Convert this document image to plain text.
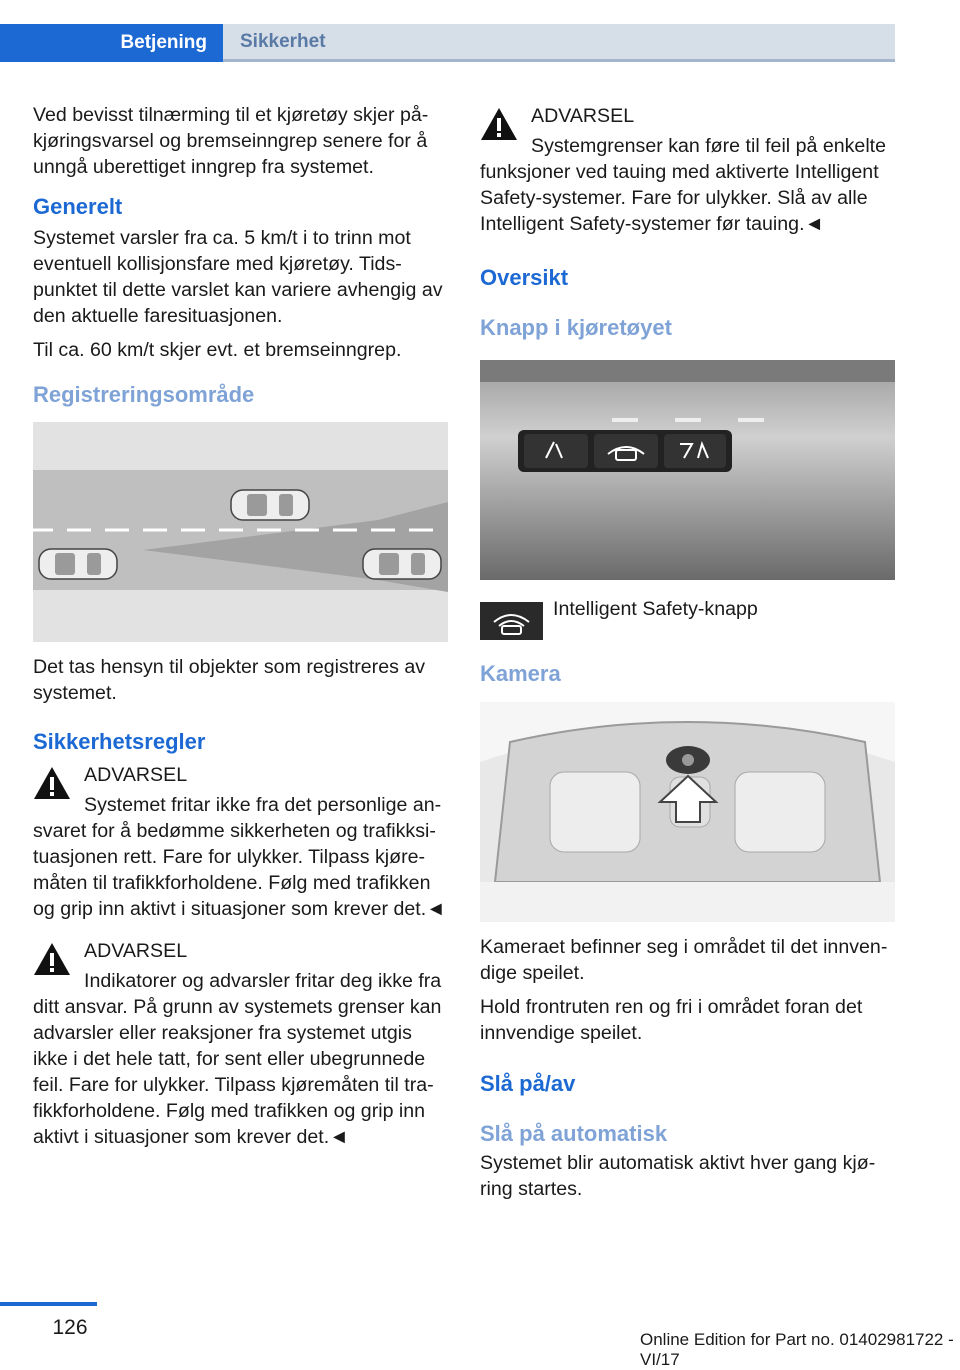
Betjening	Sikkerhet

Ved bevisst tilnærming til et kjøretøy skjer påkjøringsvarsel og bremseinngrep senere for å unngå uberettiget inngrep fra systemet.

Generelt

Systemet varsler fra ca. 5 km/t i to trinn mot eventuell kollisjonsfare med kjøretøy. Tidspunktet til dette varslet kan variere avhengig av den aktuelle faresituasjonen.

Til ca. 60 km/t skjer evt. et bremseinngrep.

Registreringsområde

Det tas hensyn til objekter som registreres av systemet.

Sikkerhetsregler

ADVARSEL

Systemet fritar ikke fra det personlige ansvaret for å bedømme sikkerheten og trafikksituasjonen rett. Fare for ulykker. Tilpass kjøremåten til trafikkforholdene. Følg med trafikken og grip inn aktivt i situasjoner som krever det.◄

ADVARSEL

Indikatorer og advarsler fritar deg ikke fra ditt ansvar. På grunn av systemets grenser kan advarsler eller reaksjoner fra systemet utgis ikke i det hele tatt, for sent eller ubegrunnede feil. Fare for ulykker. Tilpass kjøremåten til trafikkforholdene. Følg med trafikken og grip inn aktivt i situasjoner som krever det.◄

ADVARSEL

Systemgrenser kan føre til feil på enkelte funksjoner ved tauing med aktiverte Intelligent Safety-systemer. Fare for ulykker. Slå av alle Intelligent Safety-systemer før tauing.◄

Oversikt
Knapp i kjøretøyet

Intelligent Safety-knapp

Kamera

Kameraet befinner seg i området til det innvendige speilet.

Hold frontruten ren og fri i området foran det innvendige speilet.

Slå på/av
Slå på automatisk

Systemet blir automatisk aktivt hver gang kjøring startes.

126
Online Edition for Part no. 01402981722 - VI/17
